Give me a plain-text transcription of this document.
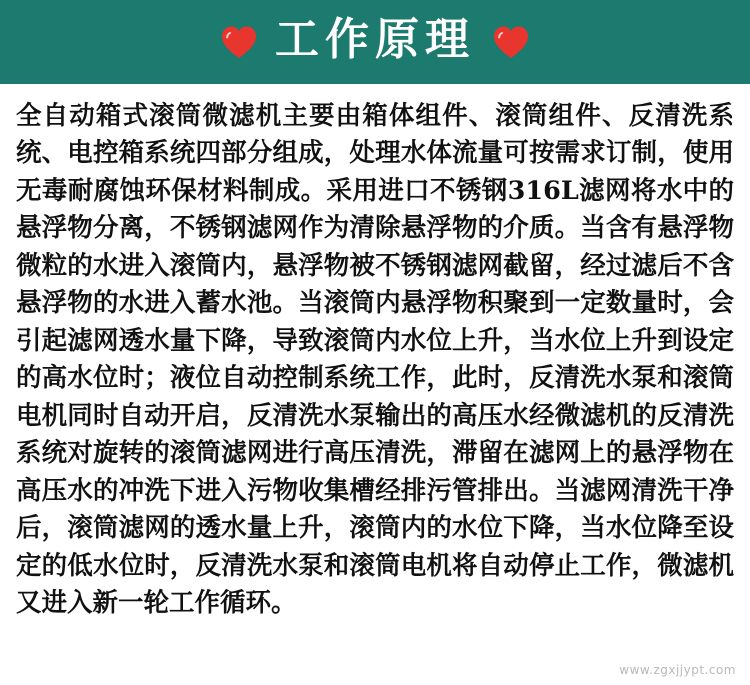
工作原理
全自动箱式滚筒微滤机主要由箱体组件、滚筒组件、反清洗系统、电控箱系统四部分组成，处理水体流量可按需求订制，使用无毒耐腐蚀环保材料制成。采用进口不锈钢316L滤网将水中的悬浮物分离，不锈钢滤网作为清除悬浮物的介质。当含有悬浮物微粒的水进入滚筒内，悬浮物被不锈钢滤网截留，经过滤后不含悬浮物的水进入蓄水池。当滚筒内悬浮物积聚到一定数量时，会引起滤网透水量下降，导致滚筒内水位上升，当水位上升到设定的高水位时；液位自动控制系统工作，此时，反清洗水泵和滚筒电机同时自动开启，反清洗水泵输出的高压水经微滤机的反清洗系统对旋转的滚筒滤网进行高压清洗，滞留在滤网上的悬浮物在高压水的冲洗下进入污物收集槽经排污管排出。当滤网清洗干净后，滚筒滤网的透水量上升，滚筒内的水位下降，当水位降至设定的低水位时，反清洗水泵和滚筒电机将自动停止工作，微滤机又进入新一轮工作循环。
www.zgxjjypt.com
